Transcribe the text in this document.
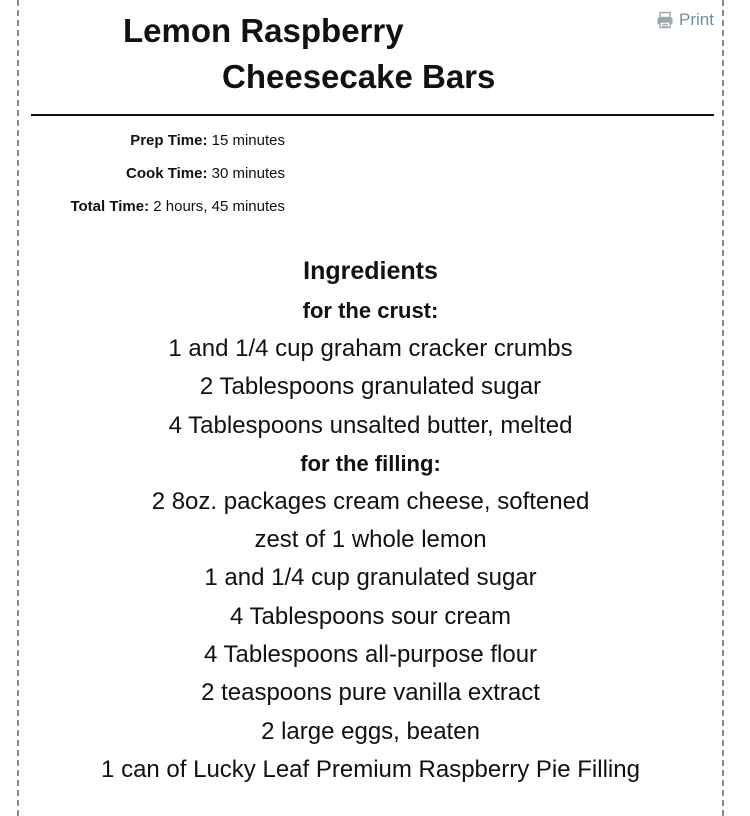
Print
Lemon Raspberry
Cheesecake Bars
Prep Time: 15 minutes
Cook Time: 30 minutes
Total Time: 2 hours, 45 minutes
Ingredients
for the crust:
1 and 1/4 cup graham cracker crumbs
2 Tablespoons granulated sugar
4 Tablespoons unsalted butter, melted
for the filling:
2 8oz. packages cream cheese, softened
zest of 1 whole lemon
1 and 1/4 cup granulated sugar
4 Tablespoons sour cream
4 Tablespoons all-purpose flour
2 teaspoons pure vanilla extract
2 large eggs, beaten
1 can of Lucky Leaf Premium Raspberry Pie Filling
